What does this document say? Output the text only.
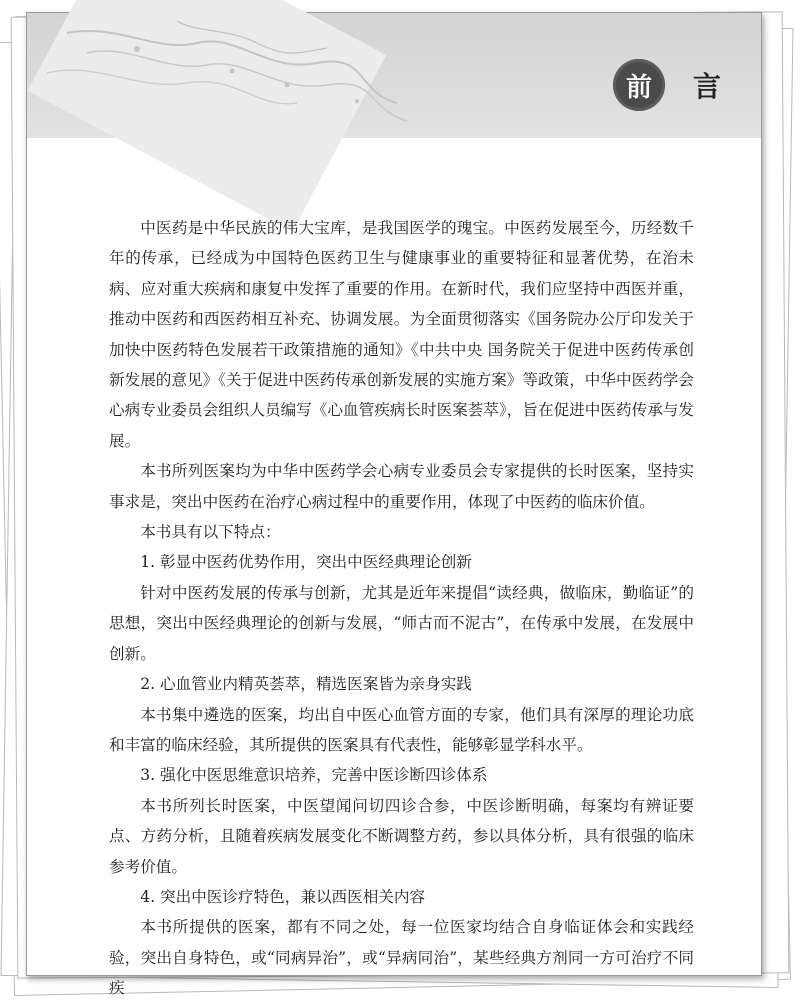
前	言

中医药是中华民族的伟大宝库，是我国医学的瑰宝。中医药发展至今，历经数千年的传承，已经成为中国特色医药卫生与健康事业的重要特征和显著优势，在治未病、应对重大疾病和康复中发挥了重要的作用。在新时代，我们应坚持中西医并重，推动中医药和西医药相互补充、协调发展。为全面贯彻落实《国务院办公厅印发关于加快中医药特色发展若干政策措施的通知》《中共中央 国务院关于促进中医药传承创新发展的意见》《关于促进中医药传承创新发展的实施方案》等政策，中华中医药学会心病专业委员会组织人员编写《心血管疾病长时医案荟萃》，旨在促进中医药传承与发展。

本书所列医案均为中华中医药学会心病专业委员会专家提供的长时医案，坚持实事求是，突出中医药在治疗心病过程中的重要作用，体现了中医药的临床价值。

本书具有以下特点：

1. 彰显中医药优势作用，突出中医经典理论创新

针对中医药发展的传承与创新，尤其是近年来提倡“读经典，做临床，勤临证”的思想，突出中医经典理论的创新与发展，“师古而不泥古”，在传承中发展，在发展中创新。

2. 心血管业内精英荟萃，精选医案皆为亲身实践

本书集中遴选的医案，均出自中医心血管方面的专家，他们具有深厚的理论功底和丰富的临床经验，其所提供的医案具有代表性，能够彰显学科水平。

3. 强化中医思维意识培养，完善中医诊断四诊体系

本书所列长时医案，中医望闻问切四诊合参，中医诊断明确，每案均有辨证要点、方药分析，且随着疾病发展变化不断调整方药，参以具体分析，具有很强的临床参考价值。

4. 突出中医诊疗特色，兼以西医相关内容

本书所提供的医案，都有不同之处，每一位医家均结合自身临证体会和实践经验，突出自身特色，或“同病异治”，或“异病同治”，某些经典方剂同一方可治疗不同疾
